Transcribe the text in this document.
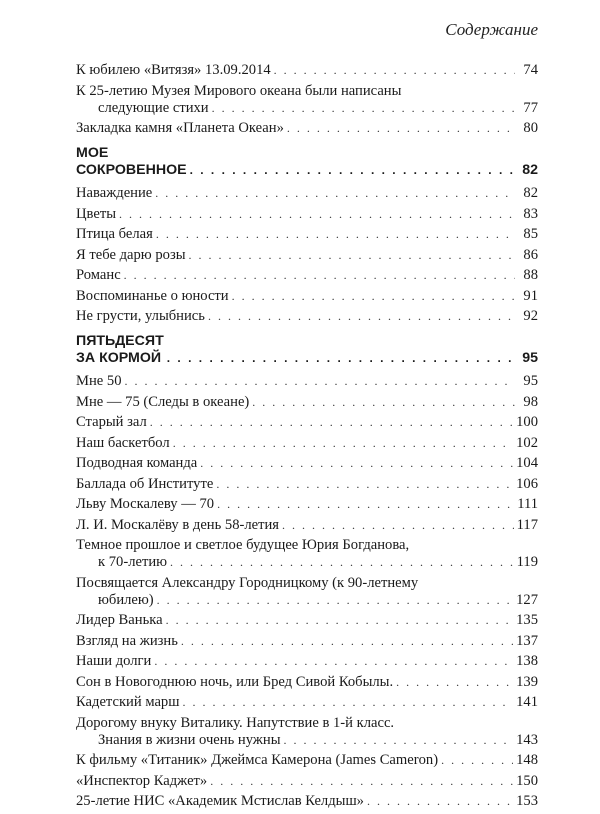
Содержание
К юбилею «Витязя» 13.09.2014 . . .	74
К 25-летию Музея Мирового океана были написаны
следующие стихи . . .	77
Закладка камня «Планета Океан» . . .	80
МОЕ СОКРОВЕННОЕ . . .	82
Наваждение . . .	82
Цветы . . .	83
Птица белая . . .	85
Я тебе дарю розы . . .	86
Романс . . .	88
Воспоминанье о юности . . .	91
Не грусти, улыбнись . . .	92
ПЯТЬДЕСЯТ ЗА КОРМОЙ . . .	95
Мне 50 . . .	95
Мне — 75 (Следы в океане) . . .	98
Старый зал . . .	100
Наш баскетбол . . .	102
Подводная команда . . .	104
Баллада об Институте . . .	106
Льву Москалеву — 70 . . .	111
Л. И. Москалёву в день 58-летия . . .	117
Темное прошлое и светлое будущее Юрия Богданова,
к 70-летию . . .	119
Посвящается Александру Городницкому (к 90-летнему
юбилею) . . .	127
Лидер Ванька . . .	135
Взгляд на жизнь . . .	137
Наши долги . . .	138
Сон в Новогоднюю ночь, или Бред Сивой Кобылы. . . .	139
Кадетский марш . . .	141
Дорогому внуку Виталику. Напутствие в 1-й класс.
Знания в жизни очень нужны . . .	143
К фильму «Титаник» Джеймса Камерона (James Cameron) . . .	148
«Инспектор Каджет» . . .	150
25-летие НИС «Академик Мстислав Келдыш» . . .	153
